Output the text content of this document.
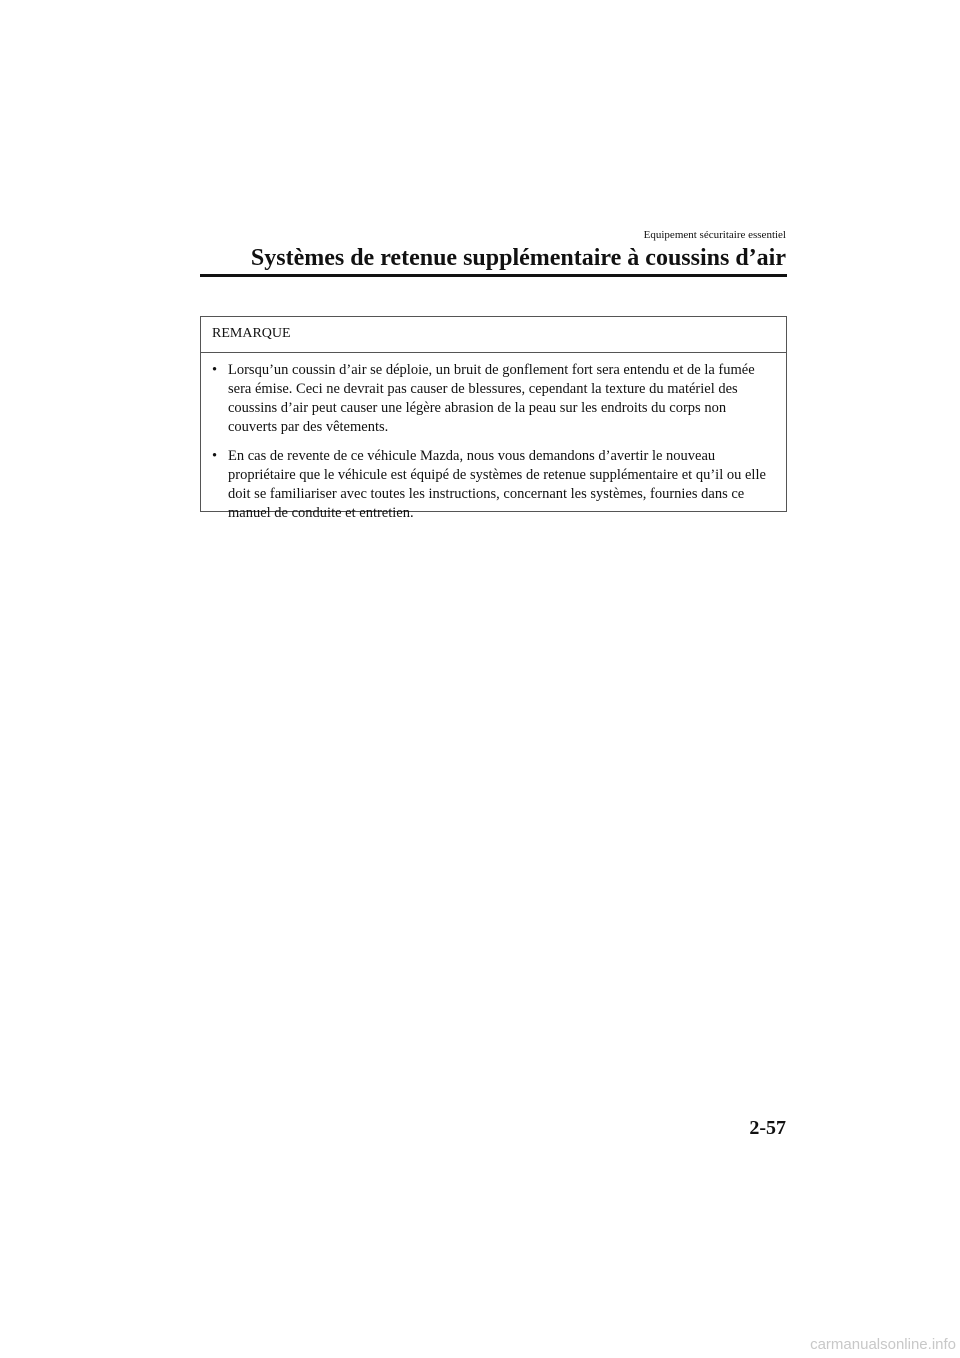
Equipement sécuritaire essentiel
Systèmes de retenue supplémentaire à coussins d’air
REMARQUE
• Lorsqu’un coussin d’air se déploie, un bruit de gonflement fort sera entendu et de la fumée sera émise. Ceci ne devrait pas causer de blessures, cependant la texture du matériel des coussins d’air peut causer une légère abrasion de la peau sur les endroits du corps non couverts par des vêtements.
• En cas de revente de ce véhicule Mazda, nous vous demandons d’avertir le nouveau propriétaire que le véhicule est équipé de systèmes de retenue supplémentaire et qu’il ou elle doit se familiariser avec toutes les instructions, concernant les systèmes, fournies dans ce manuel de conduite et entretien.
2-57
carmanualsonline.info
